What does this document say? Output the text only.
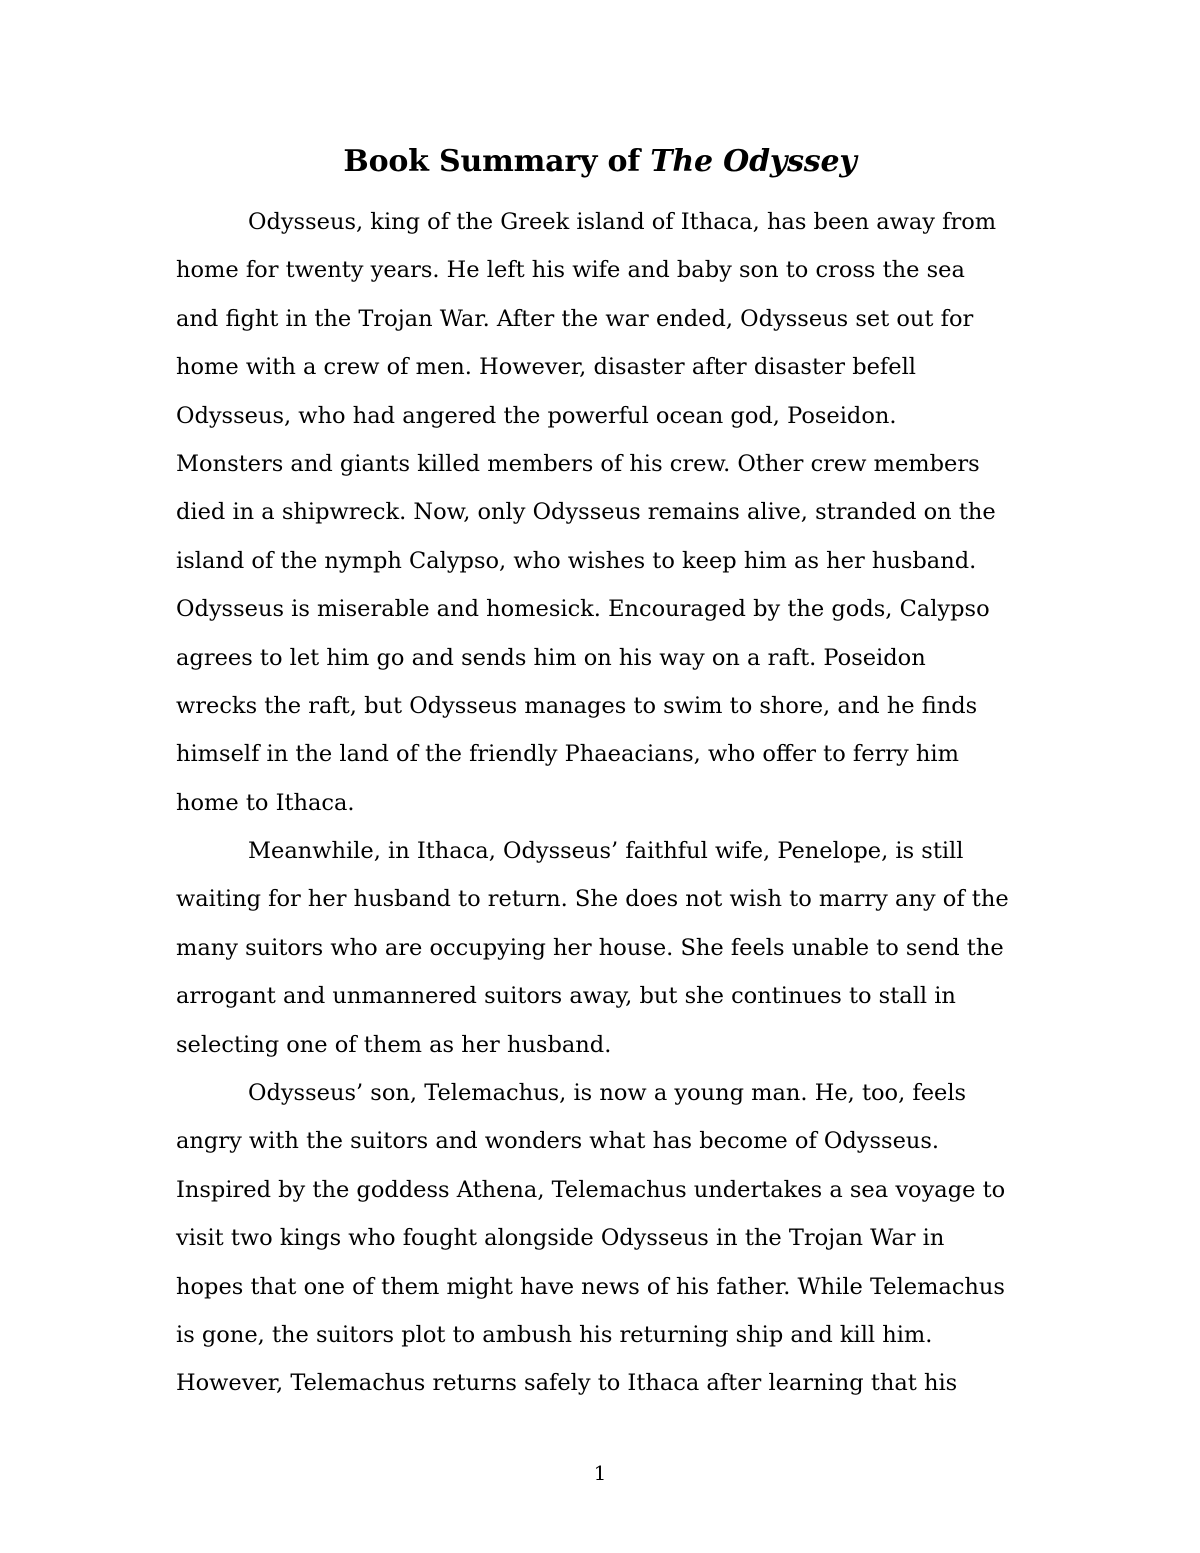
Book Summary of The Odyssey
Odysseus, king of the Greek island of Ithaca, has been away from
home for twenty years. He left his wife and baby son to cross the sea
and fight in the Trojan War. After the war ended, Odysseus set out for
home with a crew of men. However, disaster after disaster befell
Odysseus, who had angered the powerful ocean god, Poseidon.
Monsters and giants killed members of his crew. Other crew members
died in a shipwreck. Now, only Odysseus remains alive, stranded on the
island of the nymph Calypso, who wishes to keep him as her husband.
Odysseus is miserable and homesick. Encouraged by the gods, Calypso
agrees to let him go and sends him on his way on a raft. Poseidon
wrecks the raft, but Odysseus manages to swim to shore, and he finds
himself in the land of the friendly Phaeacians, who offer to ferry him
home to Ithaca.
Meanwhile, in Ithaca, Odysseus’ faithful wife, Penelope, is still
waiting for her husband to return. She does not wish to marry any of the
many suitors who are occupying her house. She feels unable to send the
arrogant and unmannered suitors away, but she continues to stall in
selecting one of them as her husband.
Odysseus’ son, Telemachus, is now a young man. He, too, feels
angry with the suitors and wonders what has become of Odysseus.
Inspired by the goddess Athena, Telemachus undertakes a sea voyage to
visit two kings who fought alongside Odysseus in the Trojan War in
hopes that one of them might have news of his father. While Telemachus
is gone, the suitors plot to ambush his returning ship and kill him.
However, Telemachus returns safely to Ithaca after learning that his
1
